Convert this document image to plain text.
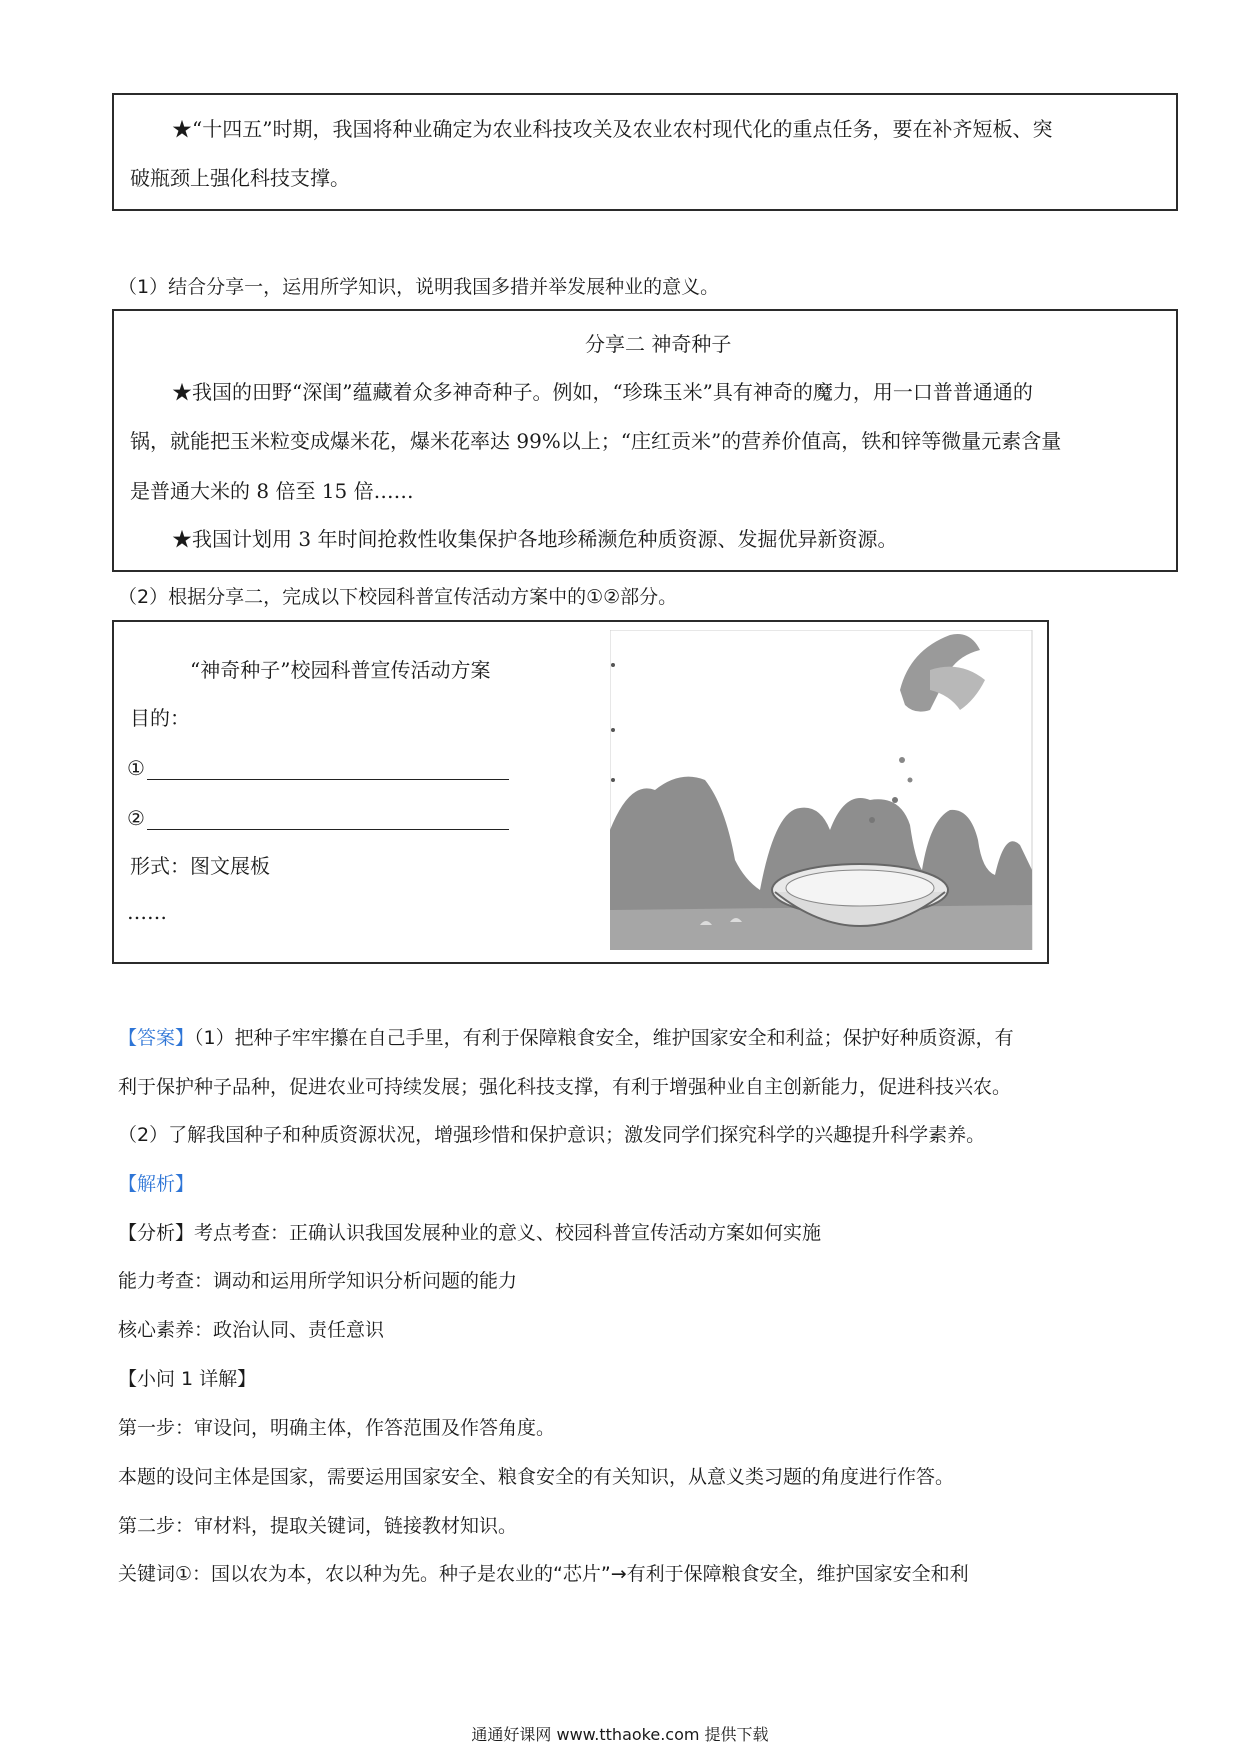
★“十四五”时期，我国将种业确定为农业科技攻关及农业农村现代化的重点任务，要在补齐短板、突
破瓶颈上强化科技支撑。
（1）结合分享一，运用所学知识，说明我国多措并举发展种业的意义。
分享二 神奇种子
★我国的田野“深闺”蕴藏着众多神奇种子。例如，“珍珠玉米”具有神奇的魔力，用一口普普通通的
锅，就能把玉米粒变成爆米花，爆米花率达 99%以上；“庄红贡米”的营养价值高，铁和锌等微量元素含量
是普通大米的 8 倍至 15 倍……
★我国计划用 3 年时间抢救性收集保护各地珍稀濒危种质资源、发掘优异新资源。
（2）根据分享二，完成以下校园科普宣传活动方案中的①②部分。
“神奇种子”校园科普宣传活动方案
目的：
①
②
形式：图文展板
……
【答案】（1）把种子牢牢攥在自己手里，有利于保障粮食安全，维护国家安全和利益；保护好种质资源，有
利于保护种子品种，促进农业可持续发展；强化科技支撑，有利于增强种业自主创新能力，促进科技兴农。
（2）了解我国种子和种质资源状况，增强珍惜和保护意识；激发同学们探究科学的兴趣提升科学素养。
【解析】
【分析】考点考查：正确认识我国发展种业的意义、校园科普宣传活动方案如何实施
能力考查：调动和运用所学知识分析问题的能力
核心素养：政治认同、责任意识
【小问 1 详解】
第一步：审设问，明确主体，作答范围及作答角度。
本题的设问主体是国家，需要运用国家安全、粮食安全的有关知识，从意义类习题的角度进行作答。
第二步：审材料，提取关键词，链接教材知识。
关键词①：国以农为本，农以种为先。种子是农业的“芯片”→有利于保障粮食安全，维护国家安全和利
通通好课网 www.tthaoke.com 提供下载
